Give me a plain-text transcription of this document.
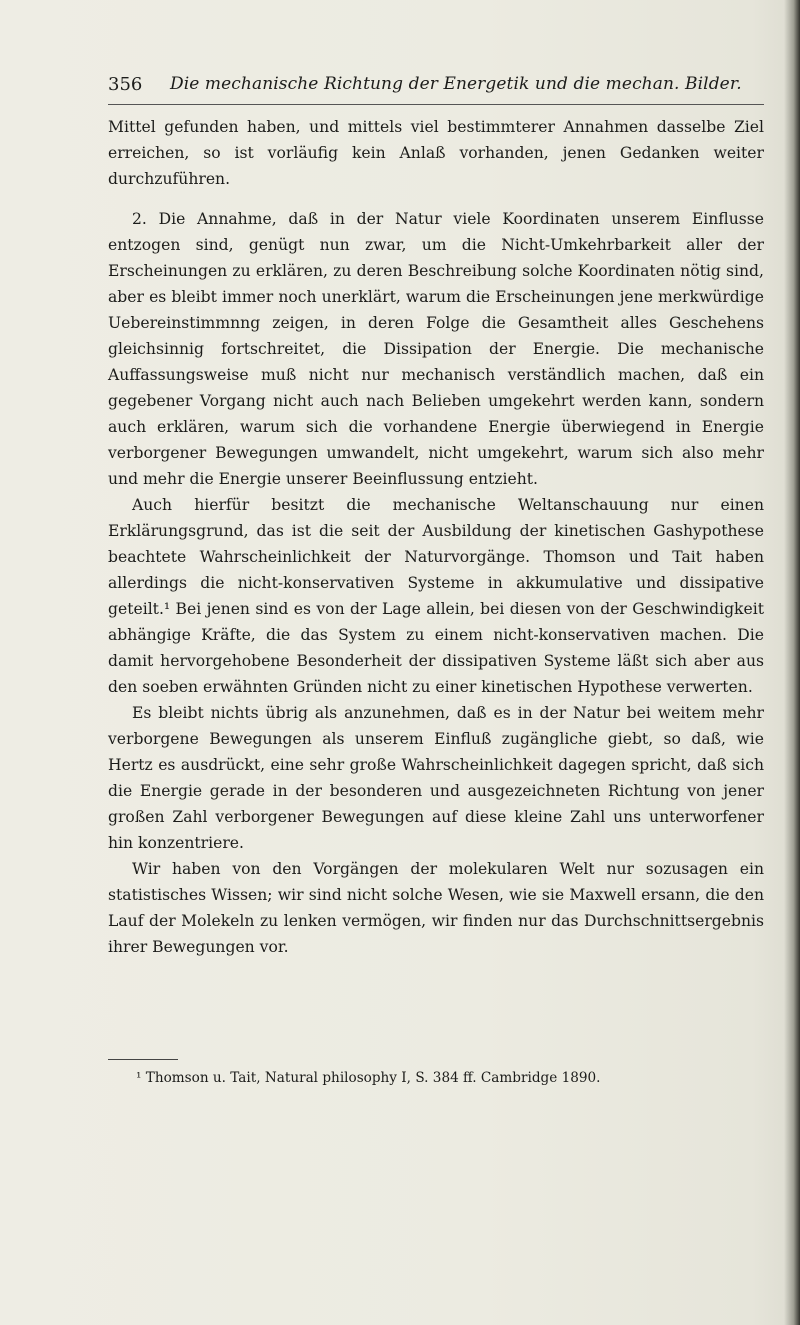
356 Die mechanische Richtung der Energetik und die mechan. Bilder.

Mittel gefunden haben, und mittels viel bestimmterer Annahmen dasselbe Ziel erreichen, so ist vorläufig kein Anlaß vorhanden, jenen Gedanken weiter durchzuführen.

2. Die Annahme, daß in der Natur viele Koordinaten unserem Einflusse entzogen sind, genügt nun zwar, um die Nicht-Umkehrbarkeit aller der Erscheinungen zu erklären, zu deren Beschreibung solche Koordinaten nötig sind, aber es bleibt immer noch unerklärt, warum die Erscheinungen jene merkwürdige Uebereinstimmnng zeigen, in deren Folge die Gesamtheit alles Geschehens gleichsinnig fortschreitet, die Dissipation der Energie. Die mechanische Auffassungsweise muß nicht nur mechanisch verständlich machen, daß ein gegebener Vorgang nicht auch nach Belieben umgekehrt werden kann, sondern auch erklären, warum sich die vorhandene Energie überwiegend in Energie verborgener Bewegungen umwandelt, nicht umgekehrt, warum sich also mehr und mehr die Energie unserer Beeinflussung entzieht.

Auch hierfür besitzt die mechanische Weltanschauung nur einen Erklärungsgrund, das ist die seit der Ausbildung der kinetischen Gashypothese beachtete Wahrscheinlichkeit der Naturvorgänge. Thomson und Tait haben allerdings die nicht-konservativen Systeme in akkumulative und dissipative geteilt.¹ Bei jenen sind es von der Lage allein, bei diesen von der Geschwindigkeit abhängige Kräfte, die das System zu einem nicht-konservativen machen. Die damit hervorgehobene Besonderheit der dissipativen Systeme läßt sich aber aus den soeben erwähnten Gründen nicht zu einer kinetischen Hypothese verwerten.

Es bleibt nichts übrig als anzunehmen, daß es in der Natur bei weitem mehr verborgene Bewegungen als unserem Einfluß zugängliche giebt, so daß, wie Hertz es ausdrückt, eine sehr große Wahrscheinlichkeit dagegen spricht, daß sich die Energie gerade in der besonderen und ausgezeichneten Richtung von jener großen Zahl verborgener Bewegungen auf diese kleine Zahl uns unterworfener hin konzentriere.

Wir haben von den Vorgängen der molekularen Welt nur sozusagen ein statistisches Wissen; wir sind nicht solche Wesen, wie sie Maxwell ersann, die den Lauf der Molekeln zu lenken vermögen, wir finden nur das Durchschnittsergebnis ihrer Bewegungen vor.

¹ Thomson u. Tait, Natural philosophy I, S. 384 ff. Cambridge 1890.
